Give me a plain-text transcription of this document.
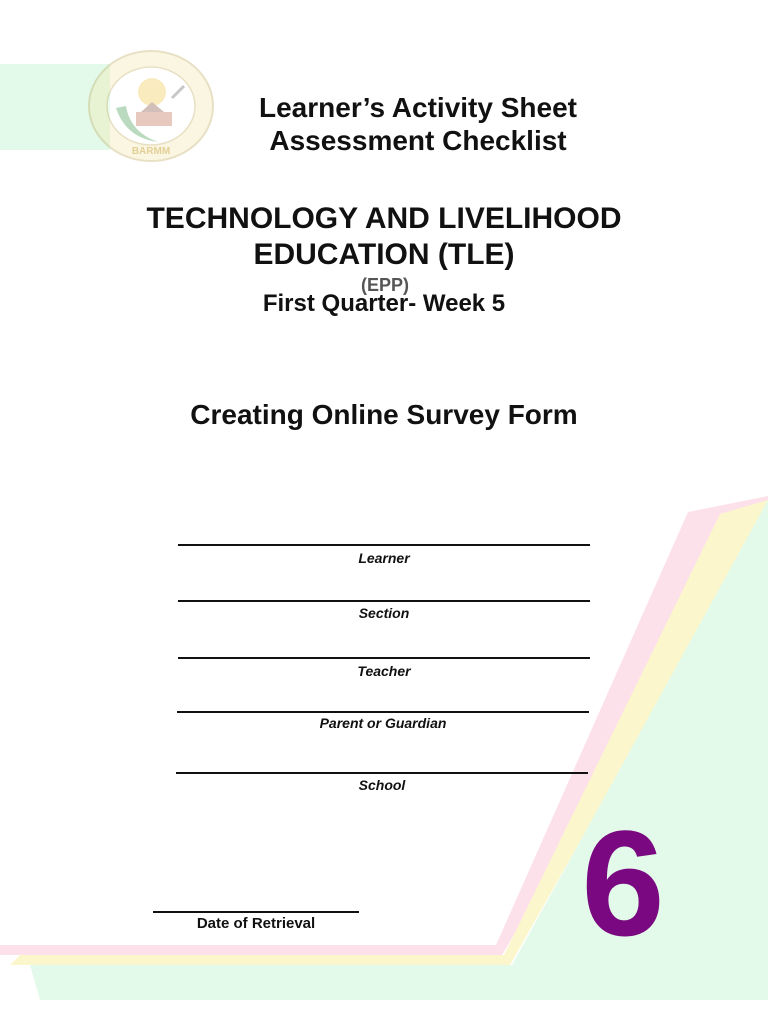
BARMM
Learner’s Activity Sheet
Assessment Checklist
TECHNOLOGY AND LIVELIHOOD
EDUCATION (TLE)
(EPP)
First Quarter- Week 5
Creating Online Survey Form
Learner
Section
Teacher
Parent or Guardian
School
Date of Retrieval 6
